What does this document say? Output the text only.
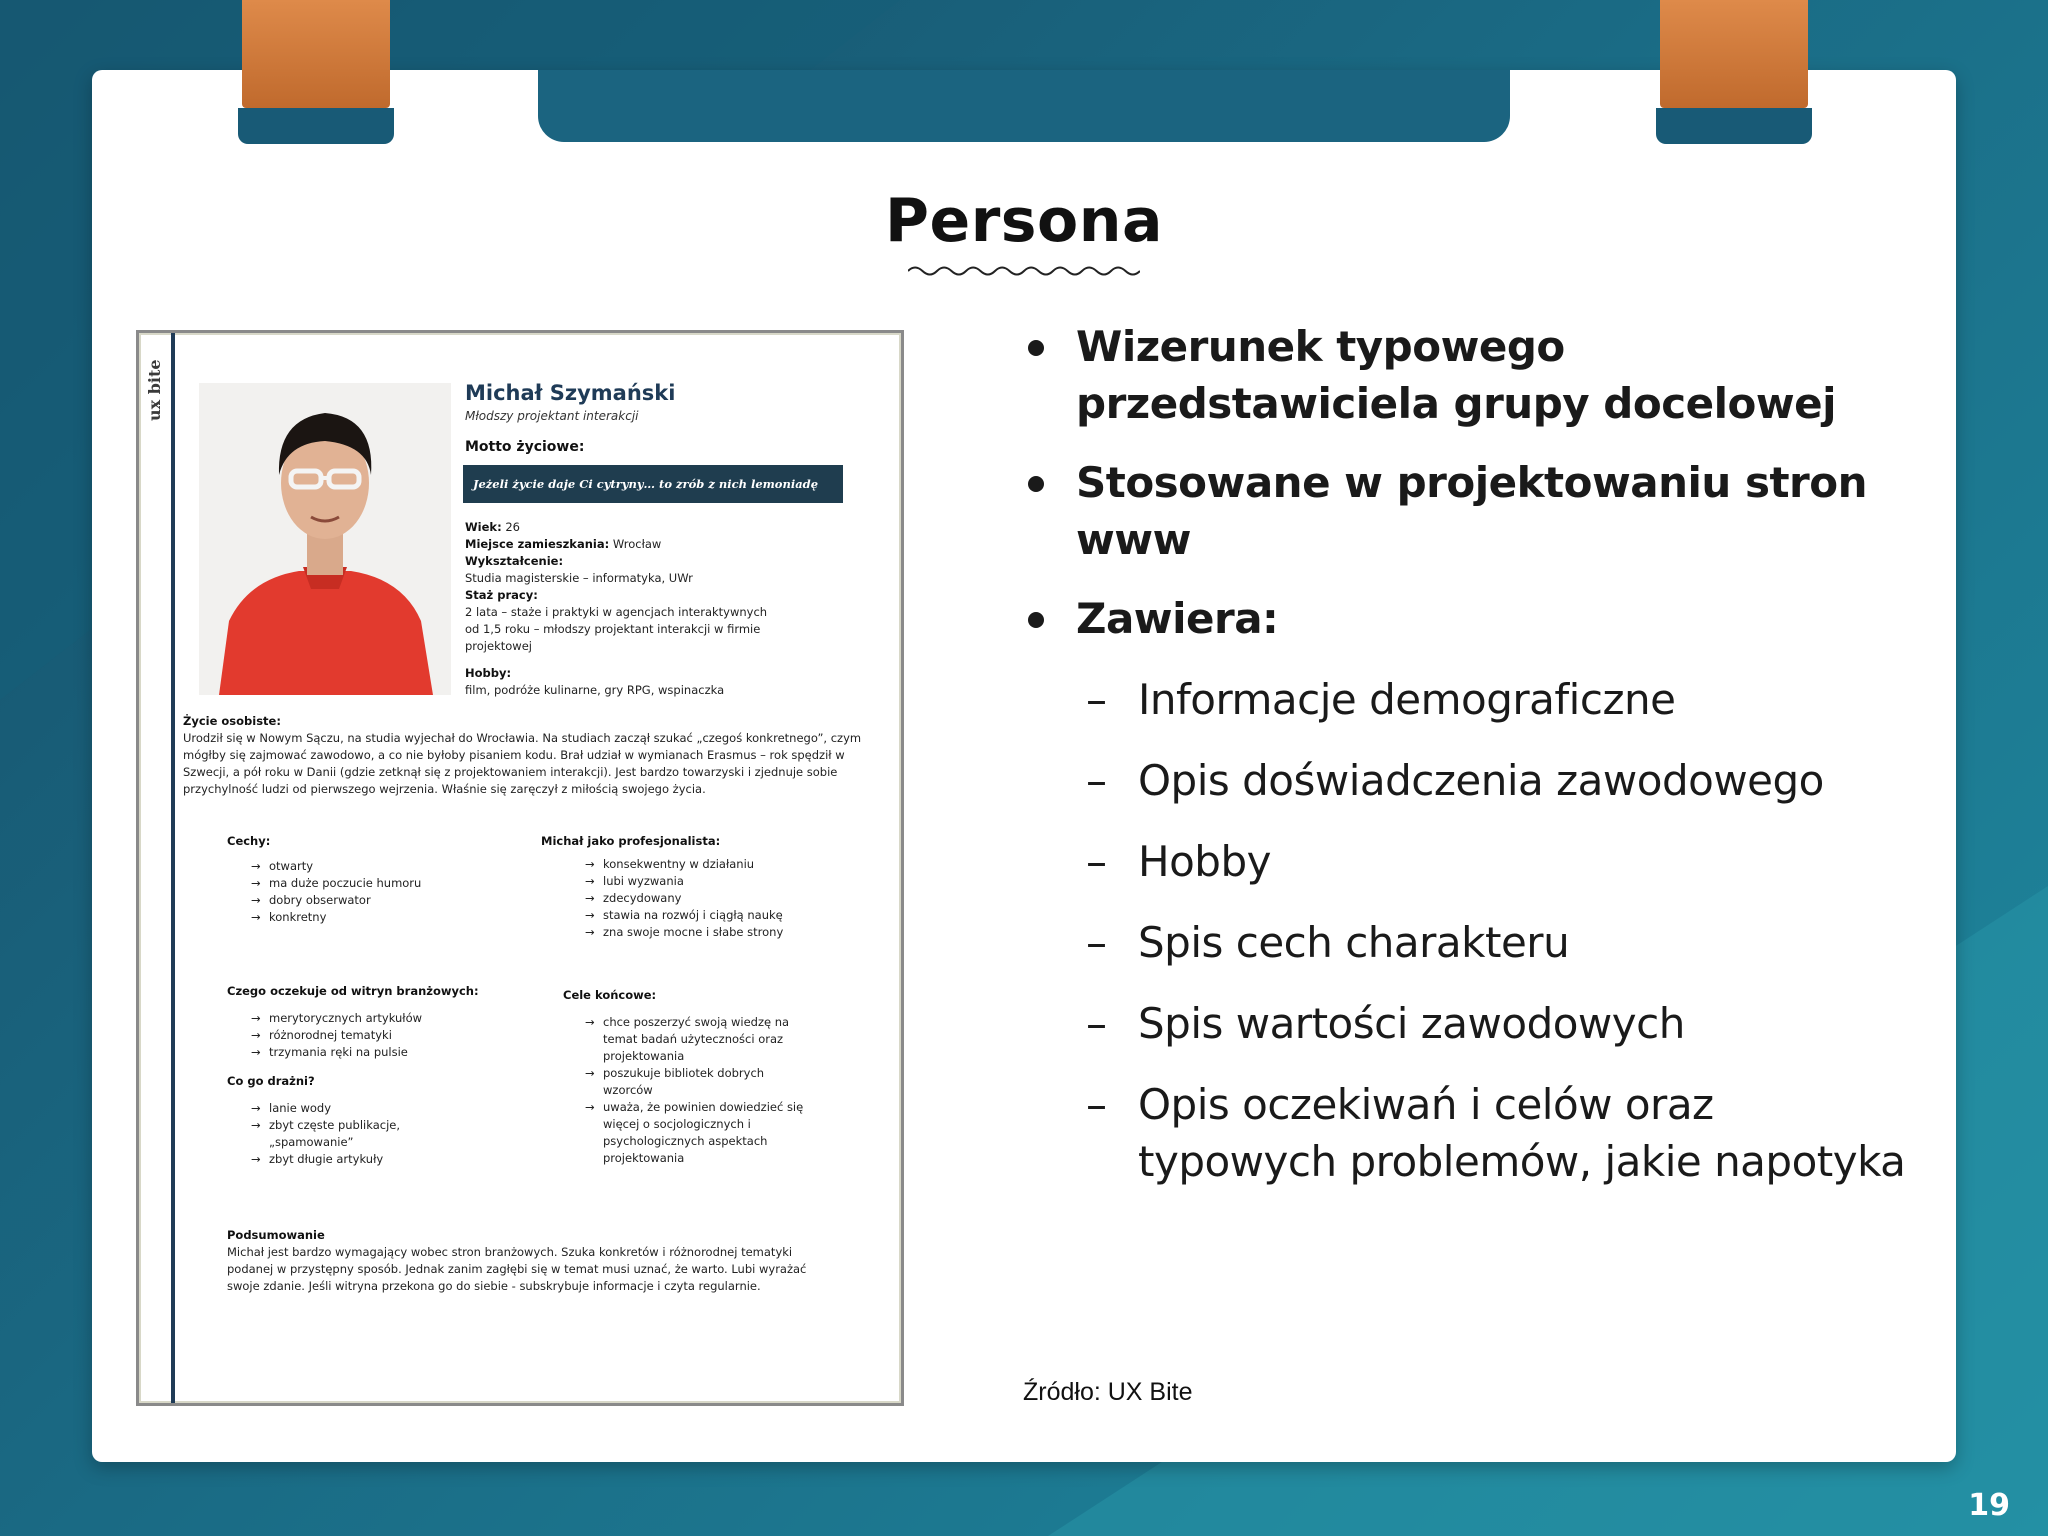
Persona
ux bite	Michał Szymański
Młodszy projektant interakcji
Motto życiowe:
Jeżeli życie daje Ci cytryny… to zrób z nich lemoniadę
Wiek: 26
Miejsce zamieszkania: Wrocław
Wykształcenie:
Studia magisterskie – informatyka, UWr
Staż pracy:
2 lata – staże i praktyki w agencjach interaktywnych
od 1,5 roku – młodszy projektant interakcji w firmie projektowej
Hobby:
film, podróże kulinarne, gry RPG, wspinaczka
Życie osobiste:
Urodził się w Nowym Sączu, na studia wyjechał do Wrocławia. Na studiach zaczął szukać „czegoś konkretnego”, czym mógłby się zajmować zawodowo, a co nie byłoby pisaniem kodu. Brał udział w wymianach Erasmus – rok spędził w Szwecji, a pół roku w Danii (gdzie zetknął się z projektowaniem interakcji). Jest bardzo towarzyski i zjednuje sobie przychylność ludzi od pierwszego wejrzenia. Właśnie się zaręczył z miłością swojego życia.
Cechy:
→ otwarty
→ ma duże poczucie humoru
→ dobry obserwator
→ konkretny
Michał jako profesjonalista:
→ konsekwentny w działaniu
→ lubi wyzwania
→ zdecydowany
→ stawia na rozwój i ciągłą naukę
→ zna swoje mocne i słabe strony
Czego oczekuje od witryn branżowych:
→ merytorycznych artykułów
→ różnorodnej tematyki
→ trzymania ręki na pulsie
Co go drażni?
→ lanie wody
→ zbyt częste publikacje, „spamowanie”
→ zbyt długie artykuły
Cele końcowe:
→ chce poszerzyć swoją wiedzę na temat badań użyteczności oraz projektowania
→ poszukuje bibliotek dobrych wzorców
→ uważa, że powinien dowiedzieć się więcej o socjologicznych i psychologicznych aspektach projektowania
Podsumowanie
Michał jest bardzo wymagający wobec stron branżowych. Szuka konkretów i różnorodnej tematyki podanej w przystępny sposób. Jednak zanim zagłębi się w temat musi uznać, że warto. Lubi wyrażać swoje zdanie. Jeśli witryna przekona go do siebie - subskrybuje informacje i czyta regularnie.
Wizerunek typowego przedstawiciela grupy docelowej
Stosowane w projektowaniu stron www
Zawiera:
– Informacje demograficzne
– Opis doświadczenia zawodowego
– Hobby
– Spis cech charakteru
– Spis wartości zawodowych
– Opis oczekiwań i celów oraz typowych problemów, jakie napotyka
Źródło: UX Bite
19
